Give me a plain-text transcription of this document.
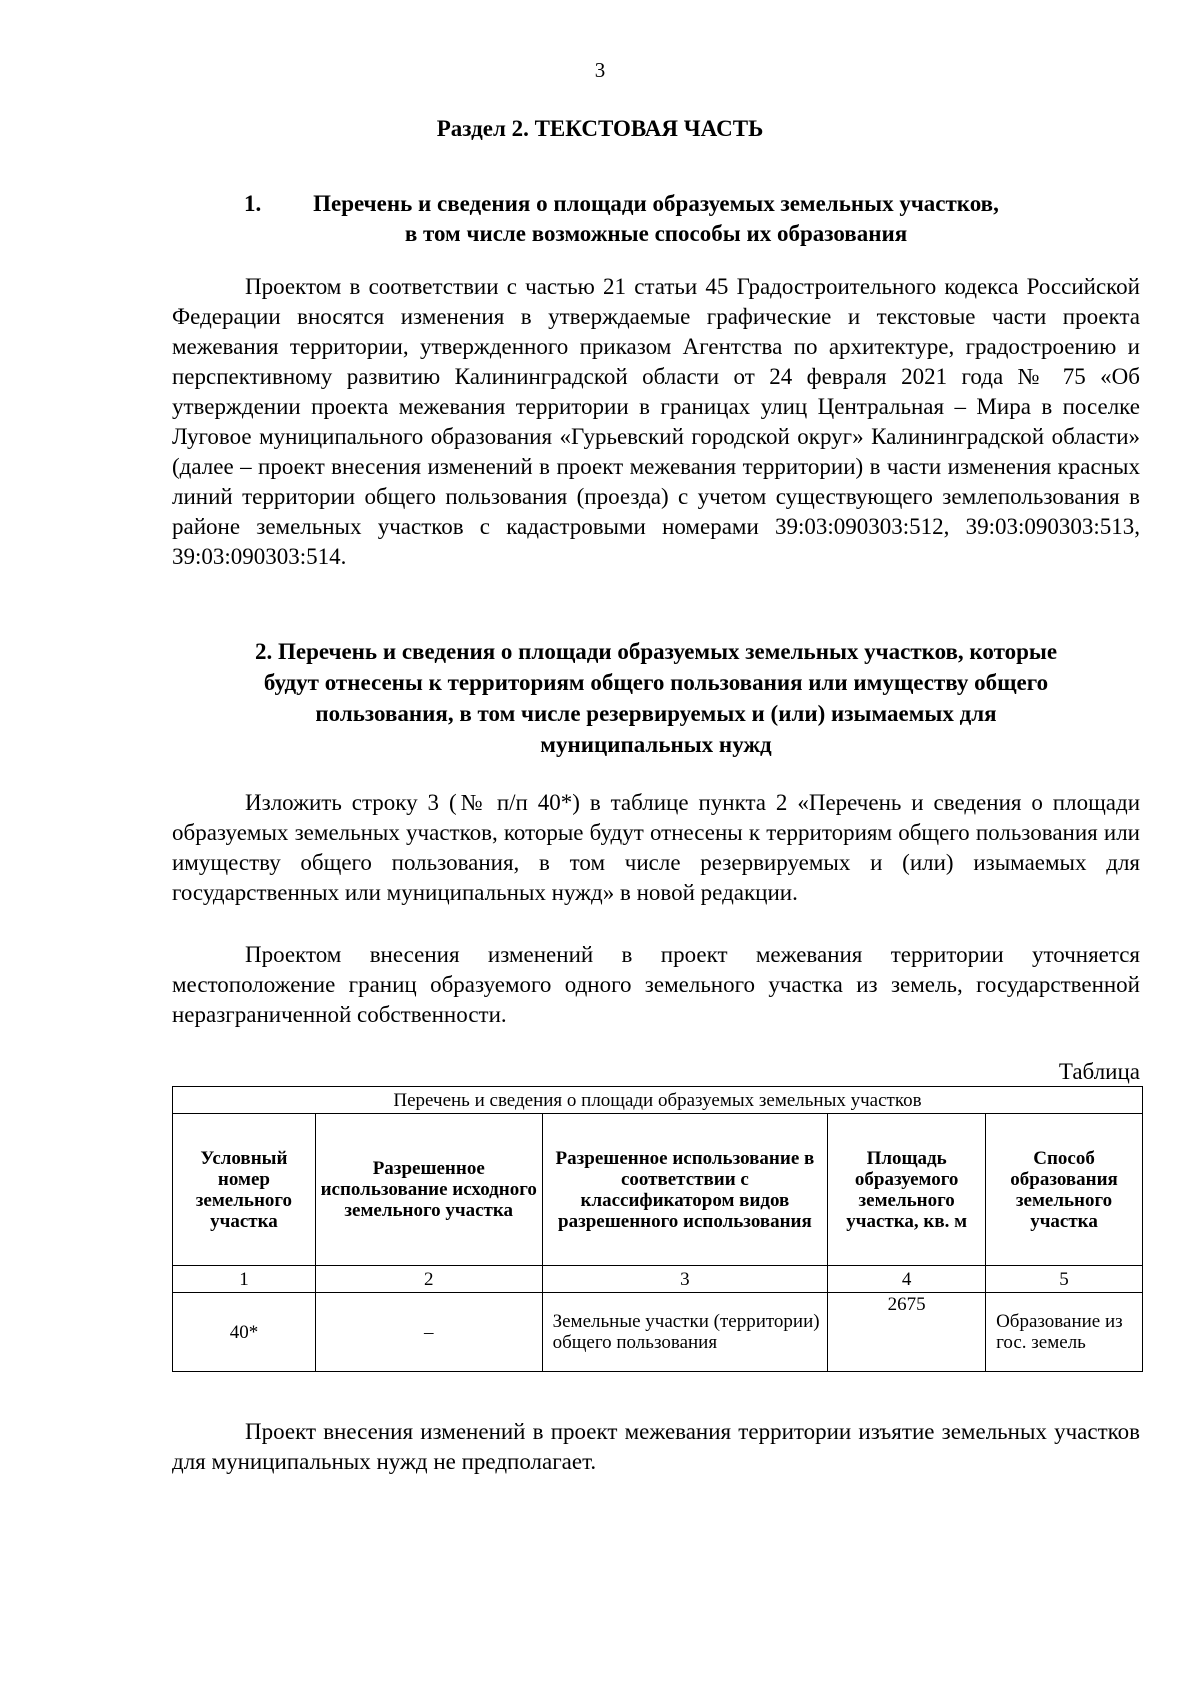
3
Раздел 2. ТЕКСТОВАЯ ЧАСТЬ
1.	Перечень и сведения о площади образуемых земельных участков,
в том числе возможные способы их образования

Проектом в соответствии с частью 21 статьи 45 Градостроительного кодекса Российской Федерации вносятся изменения в утверждаемые графические и текстовые части проекта межевания территории, утвержденного приказом Агентства по архитектуре, градостроению и перспективному развитию Калининградской области от 24 февраля 2021 года № 75 «Об утверждении проекта межевания территории в границах улиц Центральная – Мира в поселке Луговое муниципального образования «Гурьевский городской округ» Калининградской области» (далее – проект внесения изменений в проект межевания территории) в части изменения красных линий территории общего пользования (проезда) с учетом существующего землепользования в районе земельных участков с кадастровыми номерами 39:03:090303:512, 39:03:090303:513, 39:03:090303:514.

2. Перечень и сведения о площади образуемых земельных участков, которые
будут отнесены к территориям общего пользования или имуществу общего
пользования, в том числе резервируемых и (или) изымаемых для
муниципальных нужд

Изложить строку 3 (№ п/п 40*) в таблице пункта 2 «Перечень и сведения о площади образуемых земельных участков, которые будут отнесены к территориям общего пользования или имуществу общего пользования, в том числе резервируемых и (или) изымаемых для государственных или муниципальных нужд» в новой редакции.

Проектом внесения изменений в проект межевания территории уточняется местоположение границ образуемого одного земельного участка из земель, государственной неразграниченной собственности.

Таблица
Перечень и сведения о площади образуемых земельных участков				
Условный номер земельного участка	Разрешенное использование исходного земельного участка	Разрешенное использование в соответствии с классификатором видов разрешенного использования	Площадь образуемого земельного участка, кв. м	Способ образования земельного участка
1	2	3	4	5
40*	–	Земельные участки (территории) общего пользования	2675	Образование из гос. земель

Проект внесения изменений в проект межевания территории изъятие земельных участков для муниципальных нужд не предполагает.
